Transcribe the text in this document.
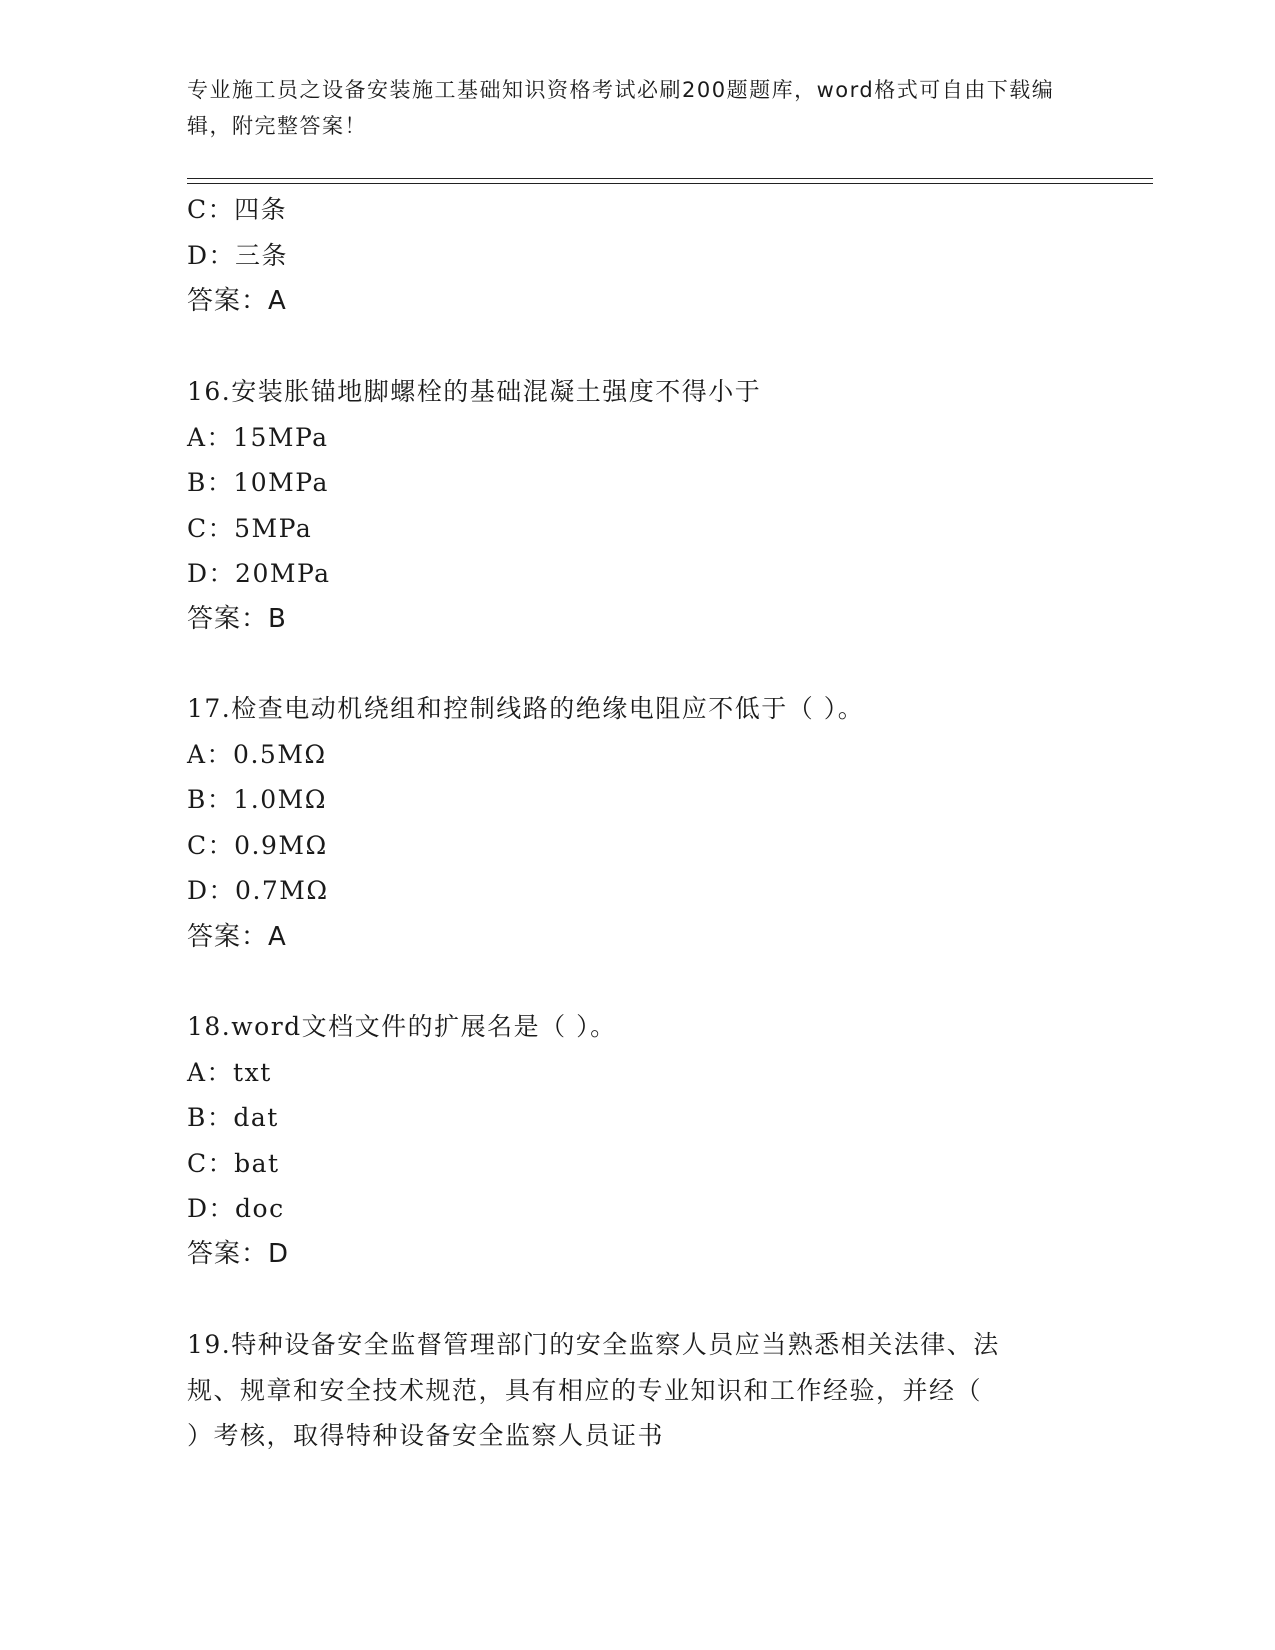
专业施工员之设备安装施工基础知识资格考试必刷200题题库，word格式可自由下载编辑，附完整答案！
C：四条
D：三条
答案：A
16.安装胀锚地脚螺栓的基础混凝土强度不得小于
A：15MPa
B：10MPa
C：5MPa
D：20MPa
答案：B
17.检查电动机绕组和控制线路的绝缘电阻应不低于（ ）。
A：0.5MΩ
B：1.0MΩ
C：0.9MΩ
D：0.7MΩ
答案：A
18.word文档文件的扩展名是（ ）。
A：txt
B：dat
C：bat
D：doc
答案：D
19.特种设备安全监督管理部门的安全监察人员应当熟悉相关法律、法
规、规章和安全技术规范，具有相应的专业知识和工作经验，并经（
）考核，取得特种设备安全监察人员证书
